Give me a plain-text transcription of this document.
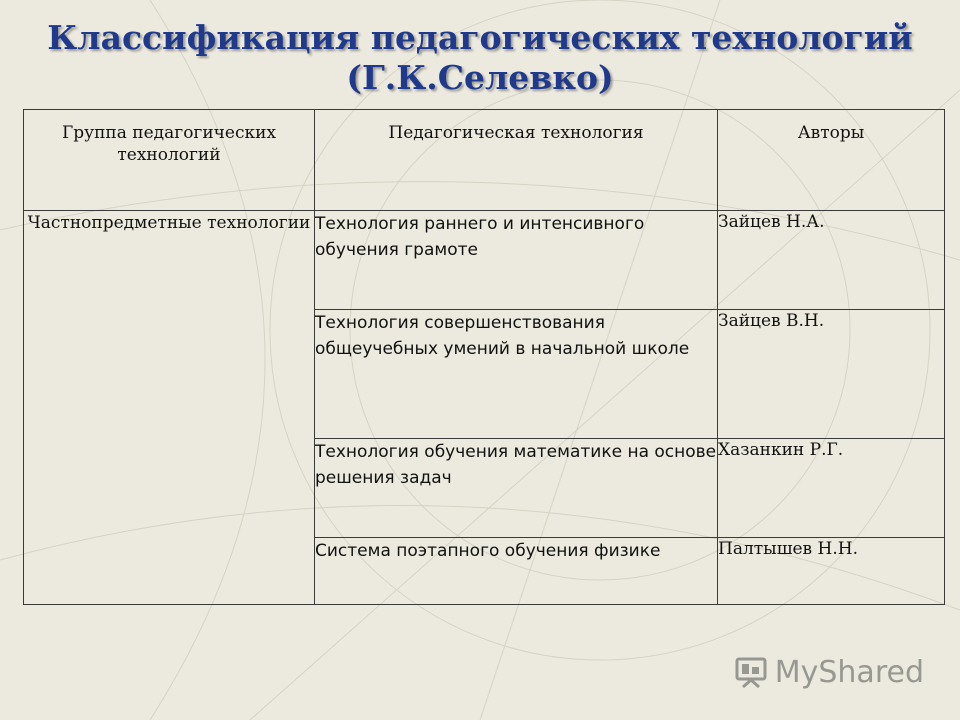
Классификация педагогических технологий
(Г.К.Селевко)
Группа педагогических технологий	Педагогическая технология	Авторы

Частнопредметные технологии	Технология раннего и интенсивного обучения грамоте	Зайцев Н.А.
	Технология совершенствования общеучебных умений в начальной школе	Зайцев В.Н.
	Технология обучения математике на основе решения задач	Хазанкин Р.Г.
	Система поэтапного обучения физике	Палтышев Н.Н.
MyShared
